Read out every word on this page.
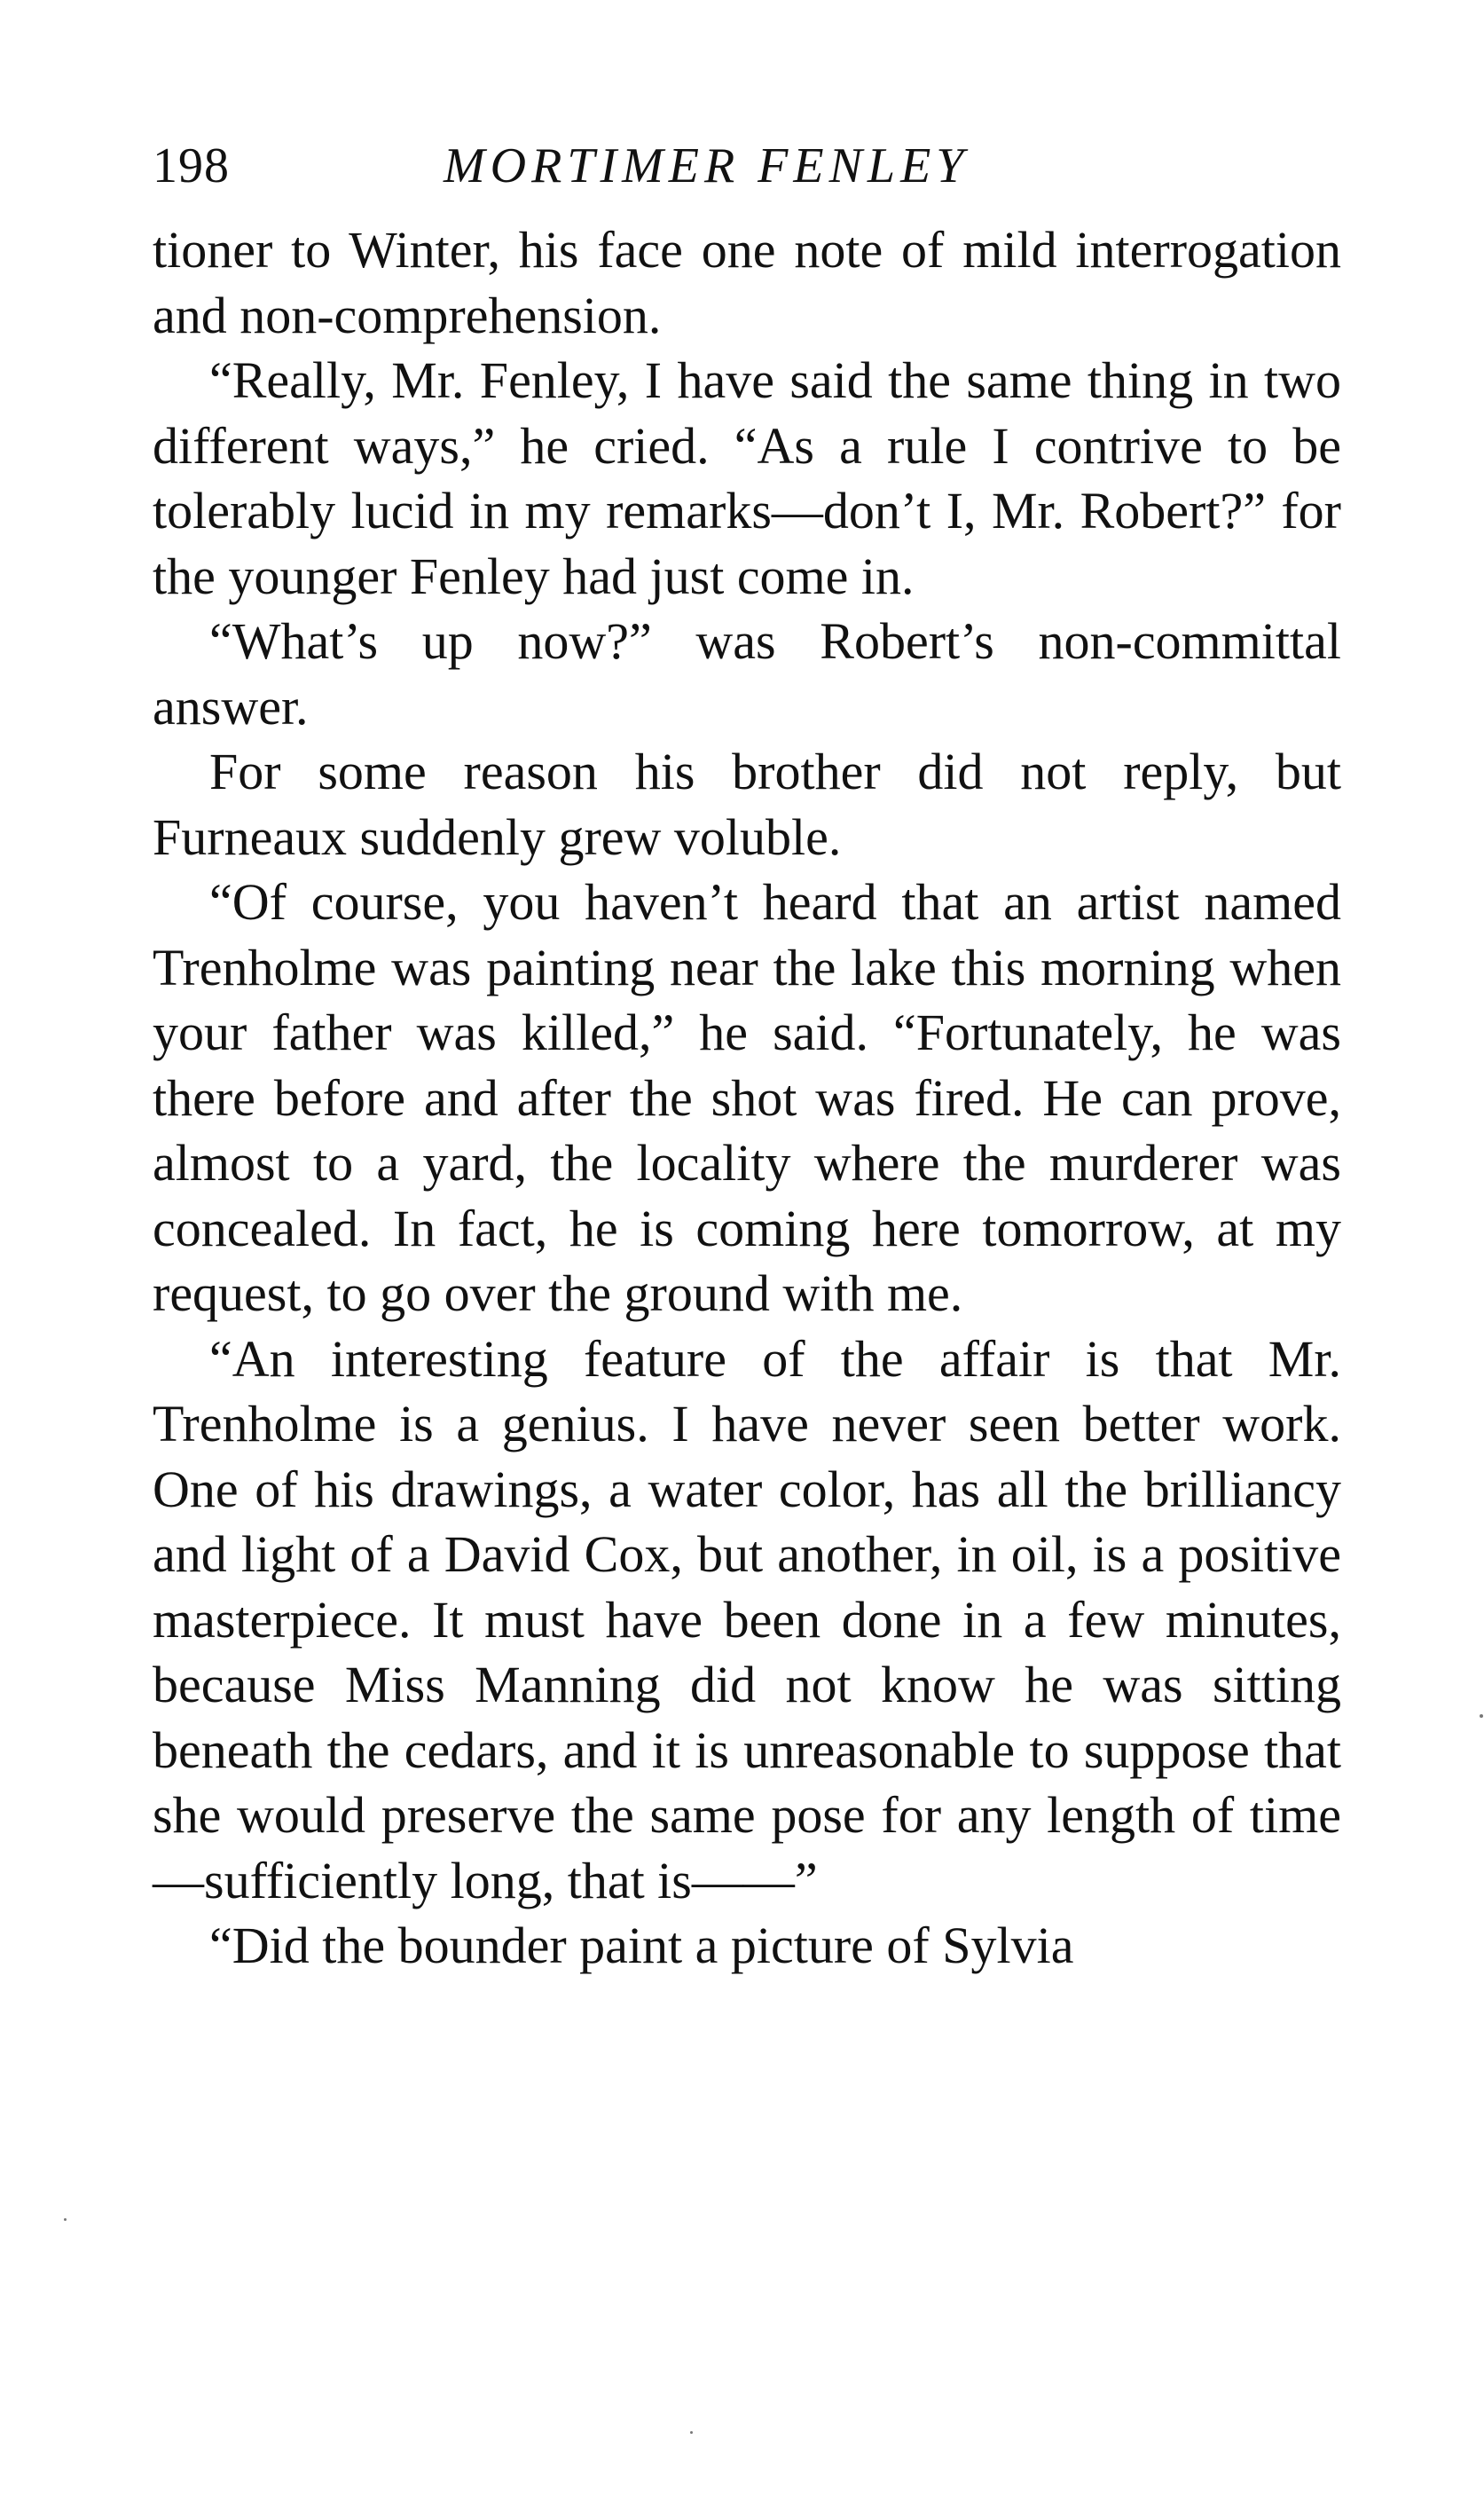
198	MORTIMER FENLEY

tioner to Winter, his face one note of mild interrogation and non-comprehension.

“Really, Mr. Fenley, I have said the same thing in two different ways,” he cried. “As a rule I contrive to be tolerably lucid in my remarks—don’t I, Mr. Robert?” for the younger Fenley had just come in.

“What’s up now?” was Robert’s non-committal answer.

For some reason his brother did not reply, but Furneaux suddenly grew voluble.

“Of course, you haven’t heard that an artist named Trenholme was painting near the lake this morning when your father was killed,” he said. “Fortunately, he was there before and after the shot was fired. He can prove, almost to a yard, the locality where the murderer was concealed. In fact, he is coming here tomorrow, at my request, to go over the ground with me.

“An interesting feature of the affair is that Mr. Trenholme is a genius. I have never seen better work. One of his drawings, a water color, has all the brilliancy and light of a David Cox, but another, in oil, is a positive masterpiece. It must have been done in a few minutes, because Miss Manning did not know he was sitting beneath the cedars, and it is unreasonable to suppose that she would preserve the same pose for any length of time—sufficiently long, that is——”

“Did the bounder paint a picture of Sylvia
